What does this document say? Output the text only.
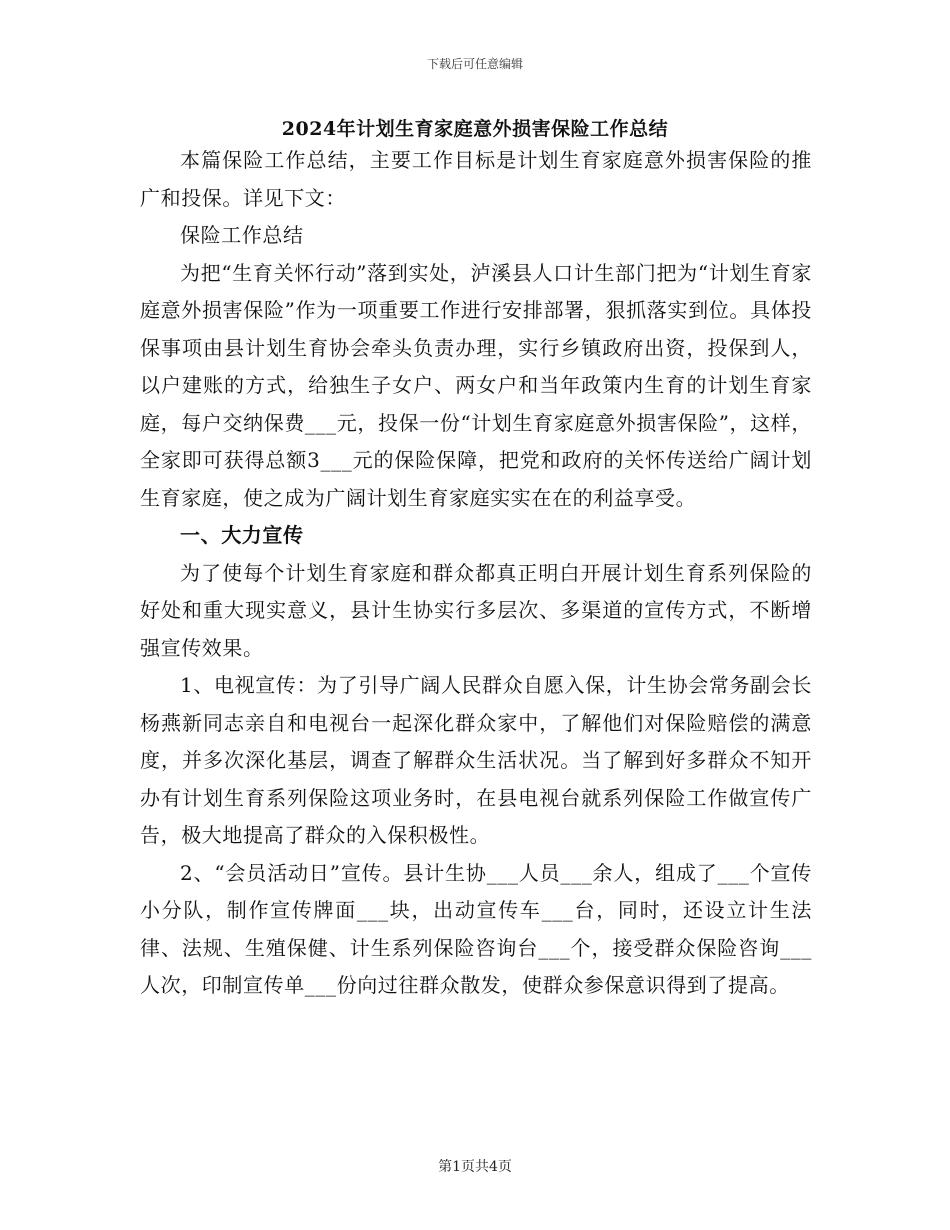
下载后可任意编辑
2024年计划生育家庭意外损害保险工作总结

本篇保险工作总结，主要工作目标是计划生育家庭意外损害保险的推广和投保。详见下文：

保险工作总结

为把“生育关怀行动”落到实处，泸溪县人口计生部门把为“计划生育家庭意外损害保险”作为一项重要工作进行安排部署，狠抓落实到位。具体投保事项由县计划生育协会牵头负责办理，实行乡镇政府出资，投保到人，以户建账的方式，给独生子女户、两女户和当年政策内生育的计划生育家庭，每户交纳保费___元，投保一份“计划生育家庭意外损害保险”，这样，全家即可获得总额3___元的保险保障，把党和政府的关怀传送给广阔计划生育家庭，使之成为广阔计划生育家庭实实在在的利益享受。

一、大力宣传

为了使每个计划生育家庭和群众都真正明白开展计划生育系列保险的好处和重大现实意义，县计生协实行多层次、多渠道的宣传方式，不断增强宣传效果。

1、电视宣传：为了引导广阔人民群众自愿入保，计生协会常务副会长杨燕新同志亲自和电视台一起深化群众家中，了解他们对保险赔偿的满意度，并多次深化基层，调查了解群众生活状况。当了解到好多群众不知开办有计划生育系列保险这项业务时，在县电视台就系列保险工作做宣传广告，极大地提高了群众的入保积极性。

2、“会员活动日”宣传。县计生协___人员___余人，组成了___个宣传小分队，制作宣传牌面___块，出动宣传车___台，同时，还设立计生法律、法规、生殖保健、计生系列保险咨询台___个，接受群众保险咨询___人次，印制宣传单___份向过往群众散发，使群众参保意识得到了提高。

第1页共4页
